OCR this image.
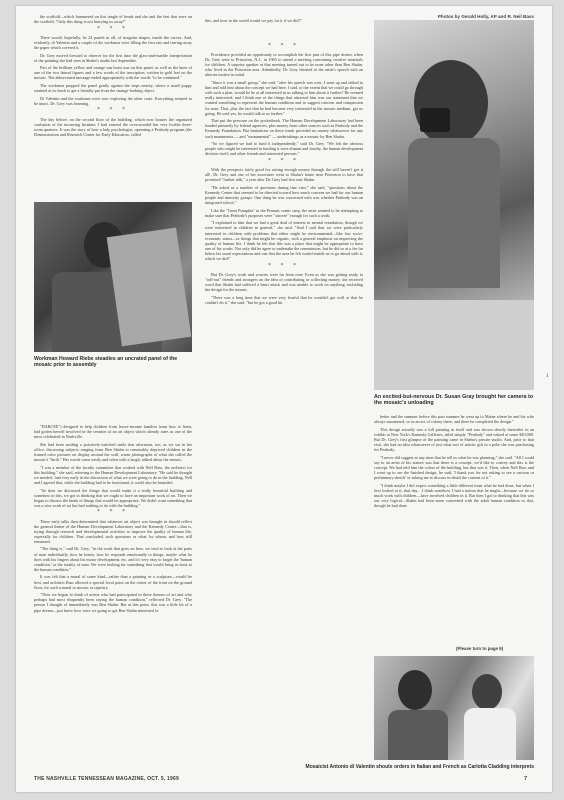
the scaffold—which hammered on this tangle of heads and she and the feet that were on the scaffold, "Only this thing is not hurrying us away!"

* * *

There would, hopefully, be 24 panels in all, of irregular shapes, inside the curves. And, evidently, di Valentin and a couple of the workmen were filling the first one and tearing away the paper which covered it.

Dr. Grey moved forward to observe for the first time the glass-and-marble interpretation of the painting she had seen in Shahn's studio last September.

Part of the brilliant yellow and orange sun burst was on this panel, as well as the knee of one of the two lateral figures and a few words of the inscription, written in gold leaf on the mosaic. The abbreviated message ended appropriately with the words "to be continued."

The workmen propped the panel gently against the steps nearby, where a small puppy strained at its leash to get a friendly pat from the strange-looking object.

Di Valentin and the workmen were now exploring the other crate. Everything seemed to be intact. Dr. Grey was beaming.

* * *

The day before, on the second floor of the building, which now houses the organized confusion of the incoming Institute, I had entered the overcrowded but very livable three-room quarters. It was the story of how a lady psychologist, operating a Peabody program (the Demonstration and Research Center for Early Education, called

Workman Howard Riebe steadies an uncrated panel of the mosaic prior to assembly

"DARCEE") designed to help children from lower-income families learn how to learn, had gotten herself involved in the creation of an art object which already rates as one of the most celebrated in Nashville.

She had been smiling a positively-satisfied smile that afternoon, too, as we sat in her office, discussing subjects ranging from Ben Shahn to reasonably deprived children in the framed color pictures on display around the wall, warm photographs of what she called the mosaic's "birth." Her words come easily and often with a laugh, talked about the mosaic.

"I was a member of the faculty committee that worked with Nell Bass, the architect for this building," she said, referring to the Human Development Laboratory. "He said he thought we needed, 'and very early in the discussion of what we were going to do in the building, Nell and I agreed that, while the building had to be functional, it could also be beautiful.

"So then we discussed the things that would make it a really beautiful building and somehow in this, we got to thinking that we ought to have an important work of art. Then we began to discuss the kinds of things that would be appropriate. We didn't want something that was a nice work of art but had nothing to do with the building."

* * *

These early talks then determined that whatever art object was brought in should reflect the general theme of the Human Development Laboratory and the Kennedy Center—that is, trying through research and developmental activities to improve the quality of human life, especially for children. That concluded, such questions as what, by whom, and how still remained.

"The thing is," said Dr. Grey, "in the work that goes on here, we tend to look at the parts of man individually, how he learns, how he responds emotionally to things, maybe what he does with his fingers about his motor development, etc, and it's very easy to forget the 'human condition,' or the totality of man. We were looking for something that would bring us back to the human condition."

It was felt that a mural of some kind—rather than a painting or a sculpture—would be best, and architect Bass allowed a special focal point on the center of the front on the ground floor, for such a mural or mosaic or tapestry.

"Then we began to think of artists who had participated in these themes of art and who perhaps had most eloquently been saying the human condition," reflected Dr. Grey. "The person I thought of immediately was Ben Shahn. But at this point, this was a little bit of a pipe dream—just knew how were we going to get Ben Shahn interested in

Photos by Gerald Holly, AP and R. Neil Bass
this, and how in the world would we pay for it if we did?"
* * *

Providence provided an opportunity to accomplish the first part of this pipe dream, when Dr. Grey went to Princeton, N.J., in 1965 to attend a meeting concerning creative materials for children. A surprise speaker at that meeting turned out to be none other than Ben Shahn, who lived in the Princeton area. Admittedly, Dr. Grey listened to the artist's speech with an ulterior motive in mind.

"Since it was a small group," she said, "after his speech was over, I went up and talked to him and told him about the concept we had here. I said, to the extent that we could go through with such a plan, would he be at all interested in us talking to him about it further? He seemed really interested, and I think one of the things that attracted him was our statement that we wanted something to represent the human condition and to suggest concern and compassion for man. That, plus the fact that he had become very interested in the mosaic medium, got us going. He said yes, he would talk to us further."

That put the pressure on the pocketbook. The Human Development Laboratory had been funded primarily by federal agencies, plus money from other sources such as Peabody and the Kennedy Foundation. But limitations on these funds provided no money whatsoever for any such monuments — and "monumental" — undertakings as a mosaic by Ben Shahn.

"So we figured we had to fund it independently," said Dr. Grey. "We felt the obvious people who might be interested in funding it were alumni and faculty, the human development division itself, and other friends and interested persons."

* * *

With the prospects fairly good for raising enough money through the still haven't got it all!, Dr. Grey and one of her associates went to Shahn's home near Princeton to have that promised "further talk," a year after Dr. Grey had first met Shahn.

"He asked us a number of questions during that visit," she said, "questions about the Kennedy Center that seemed to be directed toward how much concern we had for our human people and minority groups. One thing he was concerned with was whether Peabody was an integrated school."

Like the "Great Pumpkin" in the Peanuts comic strip, the artist seemed to be attempting to make sure that Peabody's purposes were "sincere" enough for such a work.

"I explained to him that we had a great deal of interest in mental retardation, though we were interested in children in general," she said. "And I said that we were particularly interested in children with problems that either might be environmental—like low socio-economic status—or things that might be organic, with a general emphasis on improving the quality of human life. I think he felt that this was a place that might be appropriate to have one of his works. Not only did he agree to undertake the commission, but he did so at a fee far below his usual expectations and one that the area he felt would enable us to go ahead with it, which we did!"

* * *

But Dr. Grey's work and worries were far from over. Even as she was getting ready to "roll-out" friends and strangers on the idea of contributing or collecting money, she received word that Shahn had suffered a heart attack and was unable to work on anything, including the design for the mosaic.

"There was a long time that we were very fearful that he wouldn't get well or that he couldn't do it," she said, "but he got a good bit

An excited-but-nervous Dr. Susan Gray brought her camera to the mosaic's unloading

better and the summer before this past summer he went up to Maine where he and his wife always summered, so as an act of colony there, and there he completed the design."

This design actually was a full painting in itself and was shown shortly thereafter in an exhibit at New York's Kennedy Galleries, titled simply "Peabody" and valued at some $20,000. But Dr. Grey's first glimpse of the painting came in Shahn's private studio. And, prior to that visit, she had no idea whatsoever of just what sort of artistic gift in a poke she was purchasing for Peabody.

"I never did suggest at any time that he tell us what he was planning," she said. "All I could say to an artist of his stature was that there is a concept, we'd like to convey and this is the concept. We had told him the colors of the building, but that was it. Then, when Nell Bass and I went up to see the finished design, he said, 'I thank you for not asking to see a cartoon or preliminary sketch' or asking me to discuss in detail the content of it."

"I think maybe I did expect something a little different from what he had done, but when I first looked at it, that day... I think somehow I had a notion that he might—because we do so much work with children—have involved children in it. But then I got to thinking that this was our very logical—Shahn had been more concerned with the adult human condition so that, though he had done

(Please turn to page 9)
Mosaicist Antonio di Valentin shouts orders in Italian and French as Carlotta Cladding interprets
THE NASHVILLE TENNESSEAN MAGAZINE, OCT. 5, 1969	7
1
